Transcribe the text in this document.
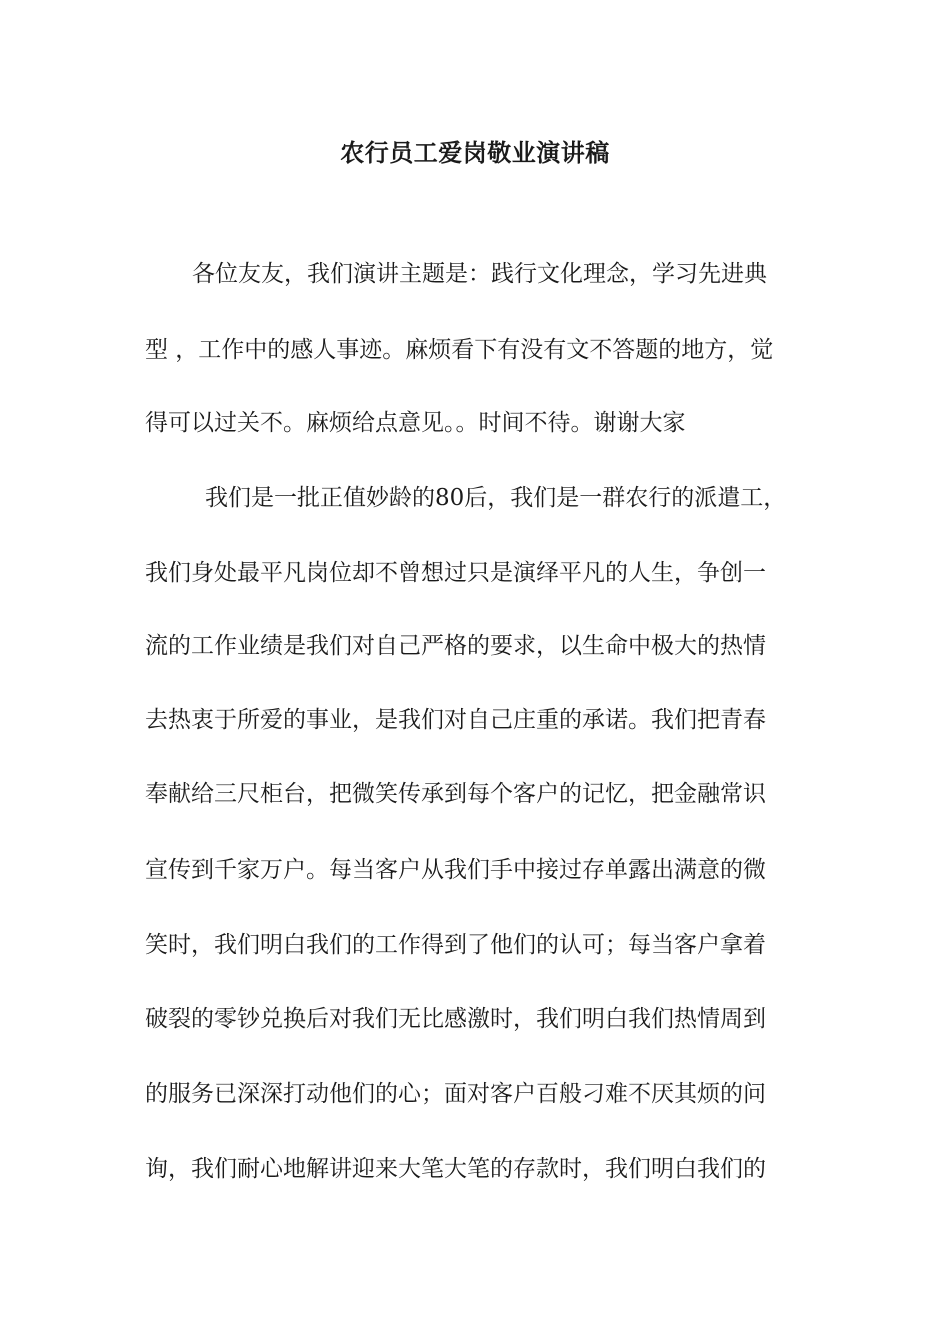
农行员工爱岗敬业演讲稿

各位友友，我们演讲主题是：践行文化理念，学习先进典

型 ，工作中的感人事迹。麻烦看下有没有文不答题的地方，觉

得可以过关不。麻烦给点意见。。时间不待。谢谢大家

我们是一批正值妙龄的80后，我们是一群农行的派遣工，

我们身处最平凡岗位却不曾想过只是演绎平凡的人生，争创一

流的工作业绩是我们对自己严格的要求，以生命中极大的热情

去热衷于所爱的事业，是我们对自己庄重的承诺。我们把青春

奉献给三尺柜台，把微笑传承到每个客户的记忆，把金融常识

宣传到千家万户。每当客户从我们手中接过存单露出满意的微

笑时，我们明白我们的工作得到了他们的认可；每当客户拿着

破裂的零钞兑换后对我们无比感激时，我们明白我们热情周到

的服务已深深打动他们的心；面对客户百般刁难不厌其烦的问

询，我们耐心地解讲迎来大笔大笔的存款时，我们明白我们的
